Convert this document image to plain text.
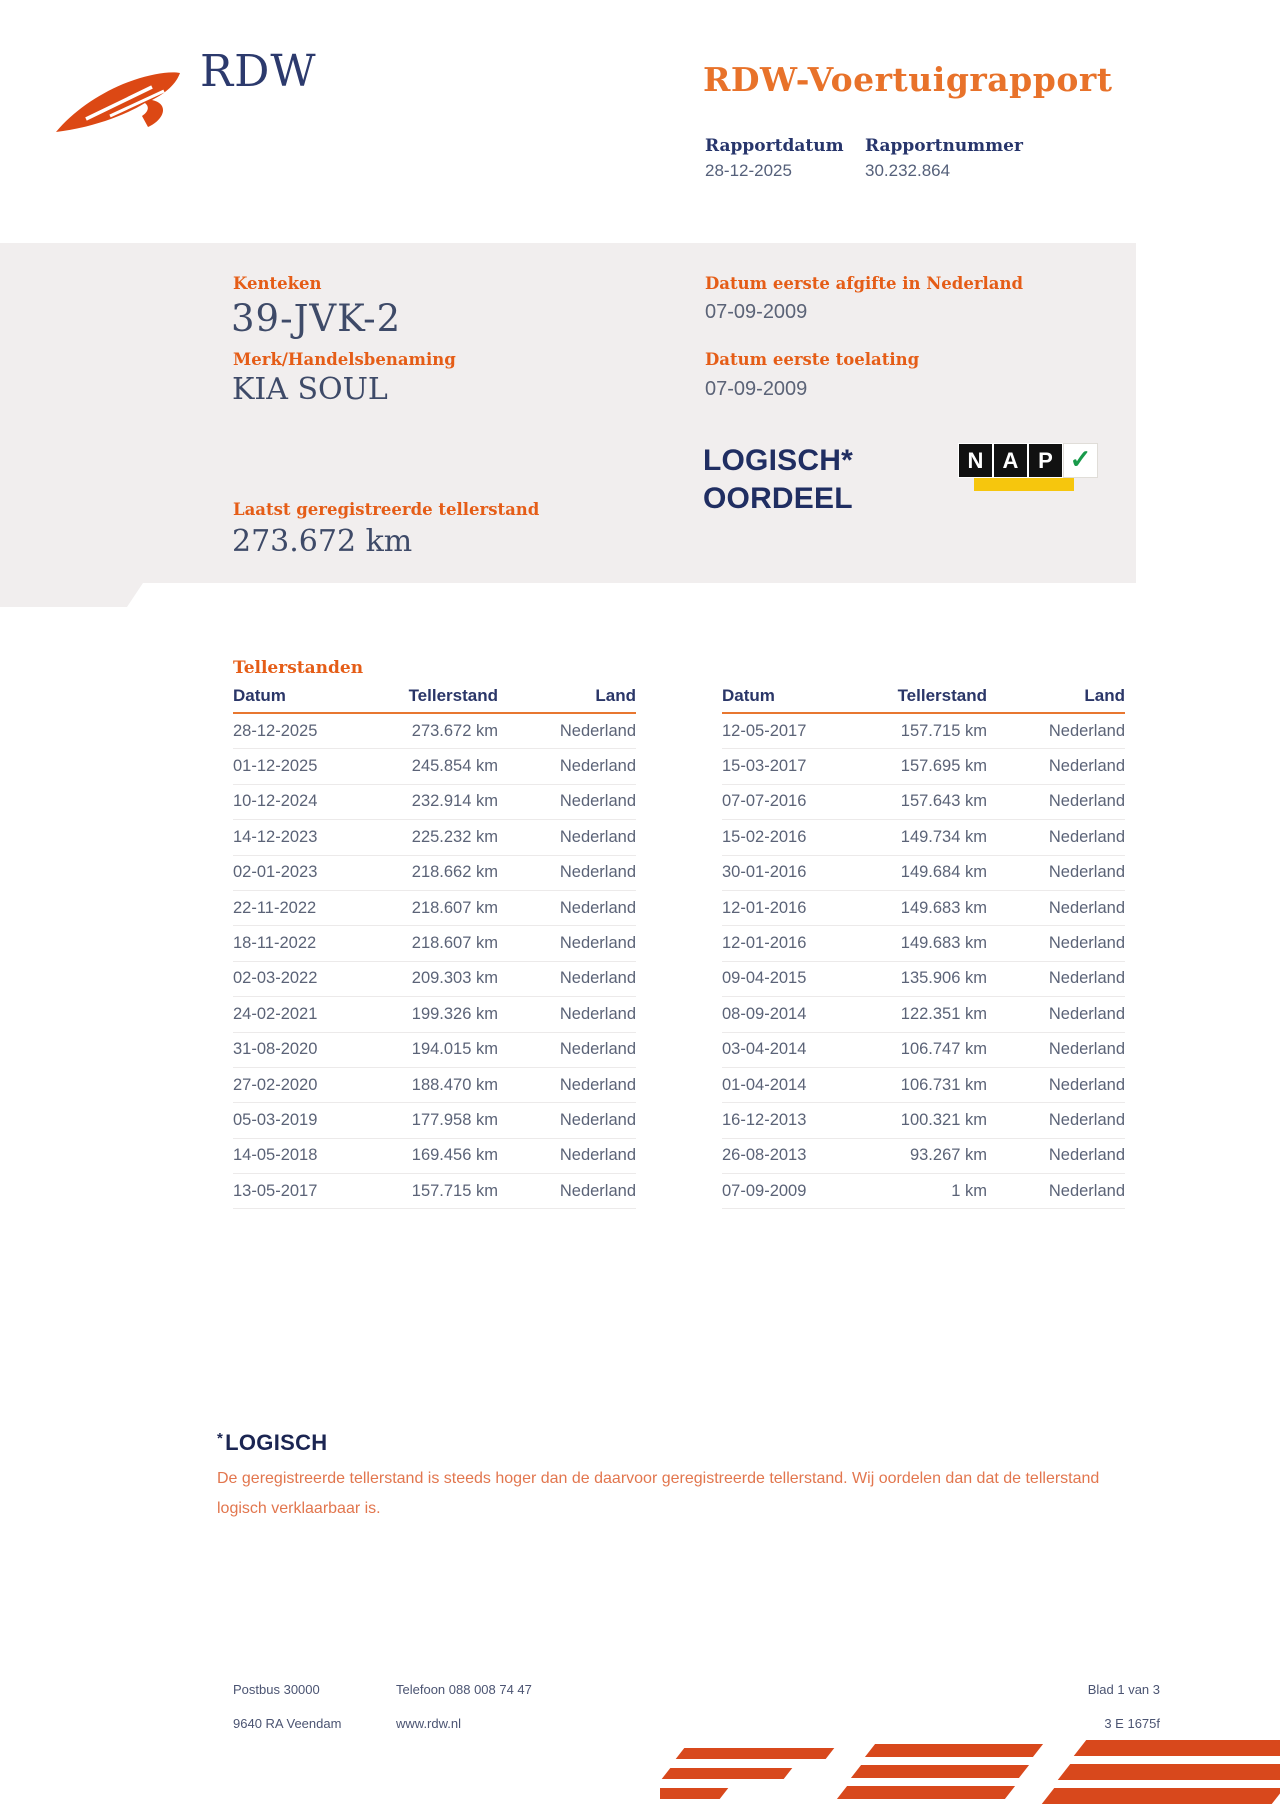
RDW	RDW-Voertuigrapport
Rapportdatum Rapportnummer
28-12-2025	30.232.864
Kenteken
39-JVK-2
Merk/Handelsbenaming
KIA SOUL
Datum eerste afgifte in Nederland
07-09-2009
Datum eerste toelating
07-09-2009
LOGISCH*
OORDEEL
N A P ✓
Laatst geregistreerde tellerstand
273.672 km
Tellerstanden
Datum	Tellerstand	Land
28-12-2025	273.672 km	Nederland
01-12-2025	245.854 km	Nederland
10-12-2024	232.914 km	Nederland
14-12-2023	225.232 km	Nederland
02-01-2023	218.662 km	Nederland
22-11-2022	218.607 km	Nederland
18-11-2022	218.607 km	Nederland
02-03-2022	209.303 km	Nederland
24-02-2021	199.326 km	Nederland
31-08-2020	194.015 km	Nederland
27-02-2020	188.470 km	Nederland
05-03-2019	177.958 km	Nederland
14-05-2018	169.456 km	Nederland
13-05-2017	157.715 km	Nederland
Datum	Tellerstand	Land
12-05-2017	157.715 km	Nederland
15-03-2017	157.695 km	Nederland
07-07-2016	157.643 km	Nederland
15-02-2016	149.734 km	Nederland
30-01-2016	149.684 km	Nederland
12-01-2016	149.683 km	Nederland
12-01-2016	149.683 km	Nederland
09-04-2015	135.906 km	Nederland
08-09-2014	122.351 km	Nederland
03-04-2014	106.747 km	Nederland
01-04-2014	106.731 km	Nederland
16-12-2013	100.321 km	Nederland
26-08-2013	93.267 km	Nederland
07-09-2009	1 km	Nederland
*LOGISCH
De geregistreerde tellerstand is steeds hoger dan de daarvoor geregistreerde tellerstand. Wij oordelen dan dat de tellerstand logisch verklaarbaar is.
Postbus 30000
9640 RA Veendam
Telefoon 088 008 74 47
www.rdw.nl
Blad 1 van 3
3 E 1675f
